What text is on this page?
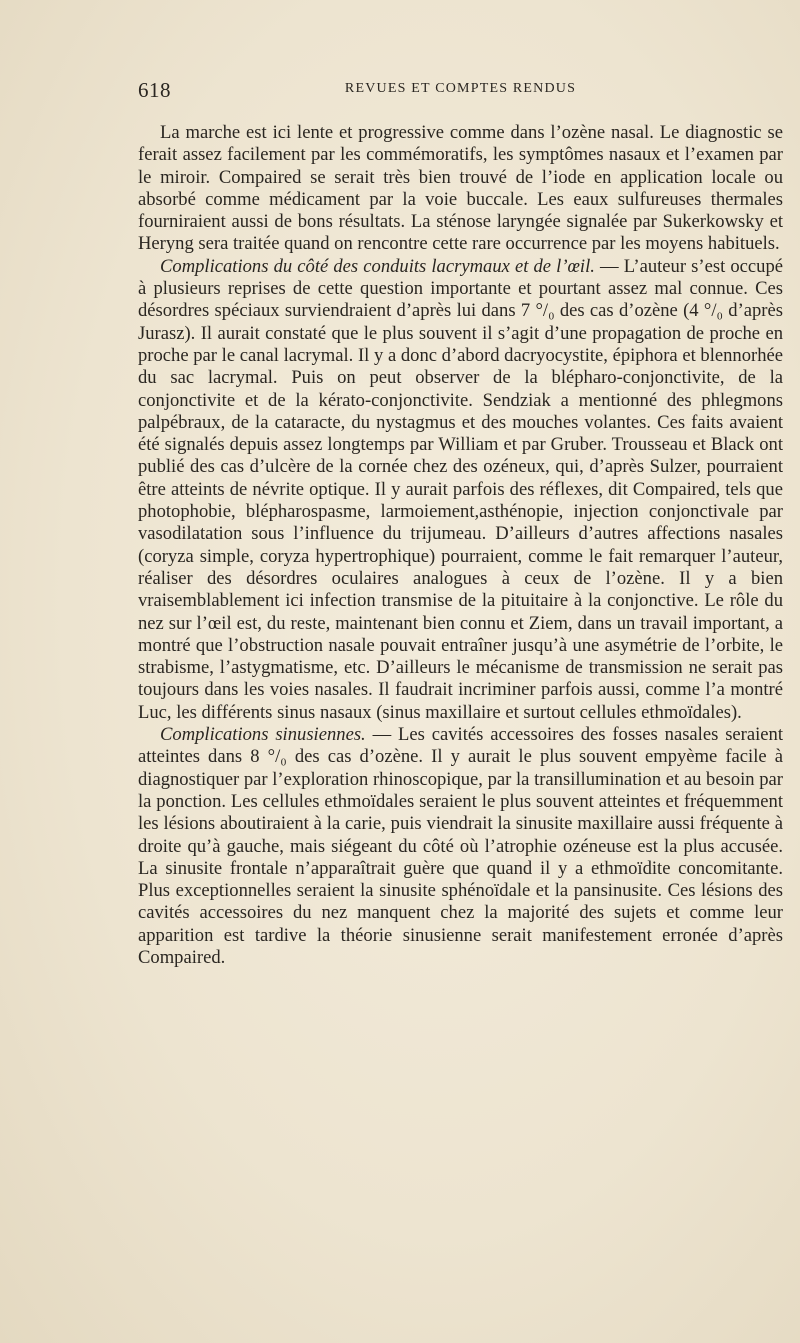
618	REVUES ET COMPTES RENDUS

La marche est ici lente et progressive comme dans l’ozène nasal. Le diagnostic se ferait assez facilement par les commémoratifs, les symptômes nasaux et l’examen par le miroir. Compaired se serait très bien trouvé de l’iode en application locale ou absorbé comme médicament par la voie buccale. Les eaux sulfureuses thermales fourniraient aussi de bons résultats. La sténose laryngée signalée par Sukerkowsky et Heryng sera traitée quand on rencontre cette rare occurrence par les moyens habituels.

Complications du côté des conduits lacrymaux et de l’œil. — L’auteur s’est occupé à plusieurs reprises de cette question importante et pourtant assez mal connue. Ces désordres spéciaux surviendraient d’après lui dans 7 °/₀ des cas d’ozène (4 °/₀ d’après Jurasz). Il aurait constaté que le plus souvent il s’agit d’une propagation de proche en proche par le canal lacrymal. Il y a donc d’abord dacryocystite, épiphora et blennorhée du sac lacrymal. Puis on peut observer de la blépharo-conjonctivite, de la conjonctivite et de la kérato-conjonctivite. Sendziak a mentionné des phlegmons palpébraux, de la cataracte, du nystagmus et des mouches volantes. Ces faits avaient été signalés depuis assez longtemps par William et par Gruber. Trousseau et Black ont publié des cas d’ulcère de la cornée chez des ozéneux, qui, d’après Sulzer, pourraient être atteints de névrite optique. Il y aurait parfois des réflexes, dit Compaired, tels que photophobie, blépharospasme, larmoiement,asthénopie, injection conjonctivale par vasodilatation sous l’influence du trijumeau. D’ailleurs d’autres affections nasales (coryza simple, coryza hypertrophique) pourraient, comme le fait remarquer l’auteur, réaliser des désordres oculaires analogues à ceux de l’ozène. Il y a bien vraisemblablement ici infection transmise de la pituitaire à la conjonctive. Le rôle du nez sur l’œil est, du reste, maintenant bien connu et Ziem, dans un travail important, a montré que l’obstruction nasale pouvait entraîner jusqu’à une asymétrie de l’orbite, le strabisme, l’astygmatisme, etc. D’ailleurs le mécanisme de transmission ne serait pas toujours dans les voies nasales. Il faudrait incriminer parfois aussi, comme l’a montré Luc, les différents sinus nasaux (sinus maxillaire et surtout cellules ethmoïdales).

Complications sinusiennes. — Les cavités accessoires des fosses nasales seraient atteintes dans 8 °/₀ des cas d’ozène. Il y aurait le plus souvent empyème facile à diagnostiquer par l’exploration rhinoscopique, par la transillumination et au besoin par la ponction. Les cellules ethmoïdales seraient le plus souvent atteintes et fréquemment les lésions aboutiraient à la carie, puis viendrait la sinusite maxillaire aussi fréquente à droite qu’à gauche, mais siégeant du côté où l’atrophie ozéneuse est la plus accusée. La sinusite frontale n’apparaîtrait guère que quand il y a ethmoïdite concomitante. Plus exceptionnelles seraient la sinusite sphénoïdale et la pansinusite. Ces lésions des cavités accessoires du nez manquent chez la majorité des sujets et comme leur apparition est tardive la théorie sinusienne serait manifestement erronée d’après Compaired.
